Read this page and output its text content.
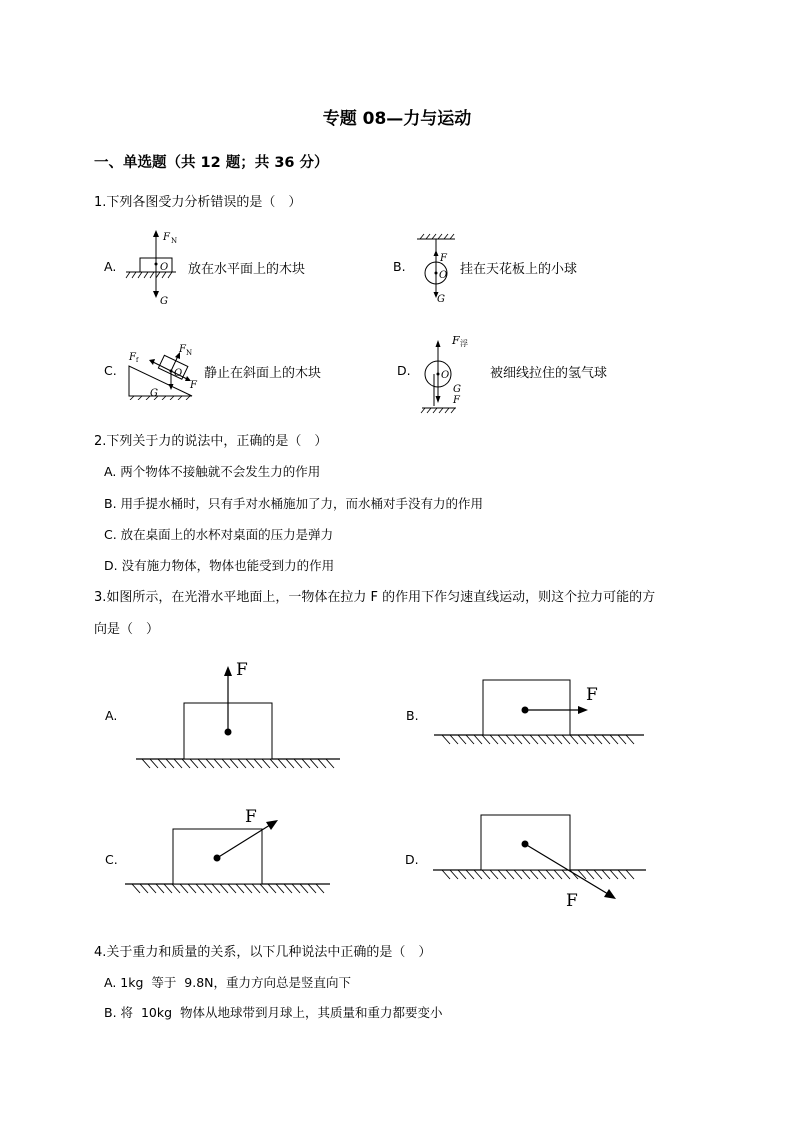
专题 08—力与运动
一、单选题（共 12 题；共 36 分）
1.下列各图受力分析错误的是（　）
A.	放在水平面上的木块	B.	挂在天花板上的小球
C.	静止在斜面上的木块	D.	被细线拉住的氢气球
F N
O
G
F
O
G
F f
F N
O
F
G
F 浮
O
G
F
2.下列关于力的说法中，正确的是（　）
A. 两个物体不接触就不会发生力的作用
B. 用手提水桶时，只有手对水桶施加了力，而水桶对手没有力的作用
C. 放在桌面上的水杯对桌面的压力是弹力
D. 没有施力物体，物体也能受到力的作用
3.如图所示，在光滑水平地面上，一物体在拉力 F 的作用下作匀速直线运动，则这个拉力可能的方
向是（　）
A.	B.
C.	D.
F
F
F
F
4.关于重力和质量的关系，以下几种说法中正确的是（　）
A. 1kg  等于  9.8N，重力方向总是竖直向下
B. 将  10kg  物体从地球带到月球上，其质量和重力都要变小
